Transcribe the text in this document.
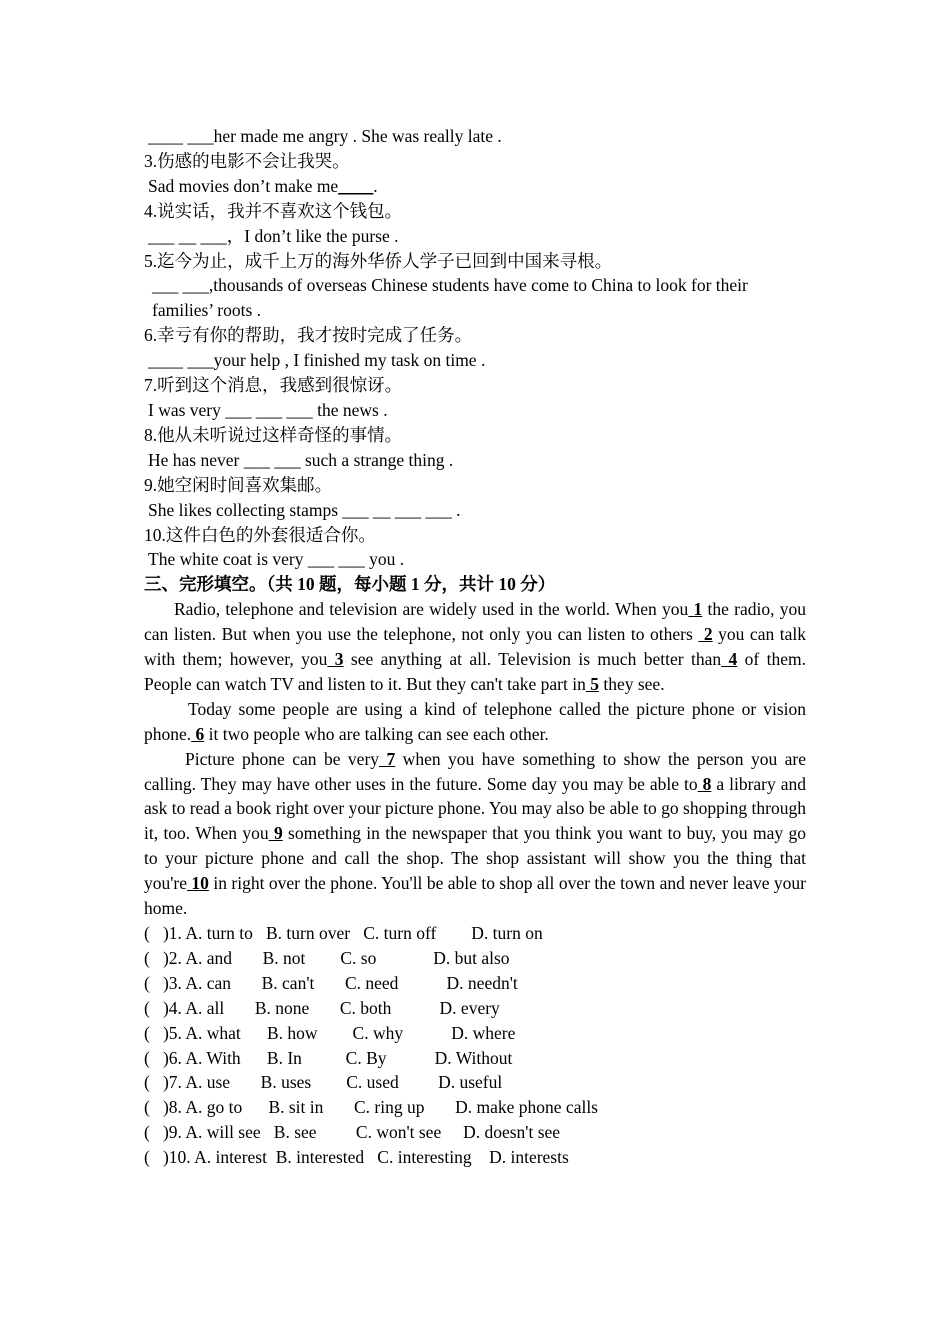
____ ___her made me angry . She was really late .
3.伤感的电影不会让我哭。
Sad movies don’t make me____.
4.说实话，我并不喜欢这个钱包。
___ __ ___，I don’t like the purse .
5.迄今为止，成千上万的海外华侨人学子已回到中国来寻根。
___ ___,thousands of overseas Chinese students have come to China to look for their families’ roots .
6.幸亏有你的帮助，我才按时完成了任务。
____ ___your help , I finished my task on time .
7.听到这个消息，我感到很惊讶。
I was very ___ ___ ___ the news .
8.他从未听说过这样奇怪的事情。
He has never ___ ___ such a strange thing .
9.她空闲时间喜欢集邮。
She likes collecting stamps ___ __ ___ ___ .
10.这件白色的外套很适合你。
The white coat is very ___ ___ you .
三、完形填空。（共 10 题，每小题 1 分，共计 10 分）
Radio, telephone and television are widely used in the world. When you 1 the radio, you can listen. But when you use the telephone, not only you can listen to others  2 you can talk with them; however, you 3 see anything at all. Television is much better than 4 of them. People can watch TV and listen to it. But they can't take part in 5 they see.
Today some people are using a kind of telephone called the picture phone or vision phone. 6 it two people who are talking can see each other.
Picture phone can be very 7 when you have something to show the person you are calling. They may have other uses in the future. Some day you may be able to 8 a library and ask to read a book right over your picture phone. You may also be able to go shopping through it, too. When you 9 something in the newspaper that you think you want to buy, you may go to your picture phone and call the shop. The shop assistant will show you the thing that you're 10 in right over the phone. You'll be able to shop all over the town and never leave your home.
(   )1. A. turn to   B. turn over   C. turn off        D. turn on
(   )2. A. and       B. not        C. so             D. but also
(   )3. A. can       B. can't       C. need           D. needn't
(   )4. A. all       B. none       C. both           D. every
(   )5. A. what      B. how        C. why           D. where
(   )6. A. With      B. In          C. By           D. Without
(   )7. A. use       B. uses        C. used         D. useful
(   )8. A. go to      B. sit in       C. ring up       D. make phone calls
(   )9. A. will see   B. see         C. won't see     D. doesn't see
(   )10. A. interest  B. interested   C. interesting    D. interests
